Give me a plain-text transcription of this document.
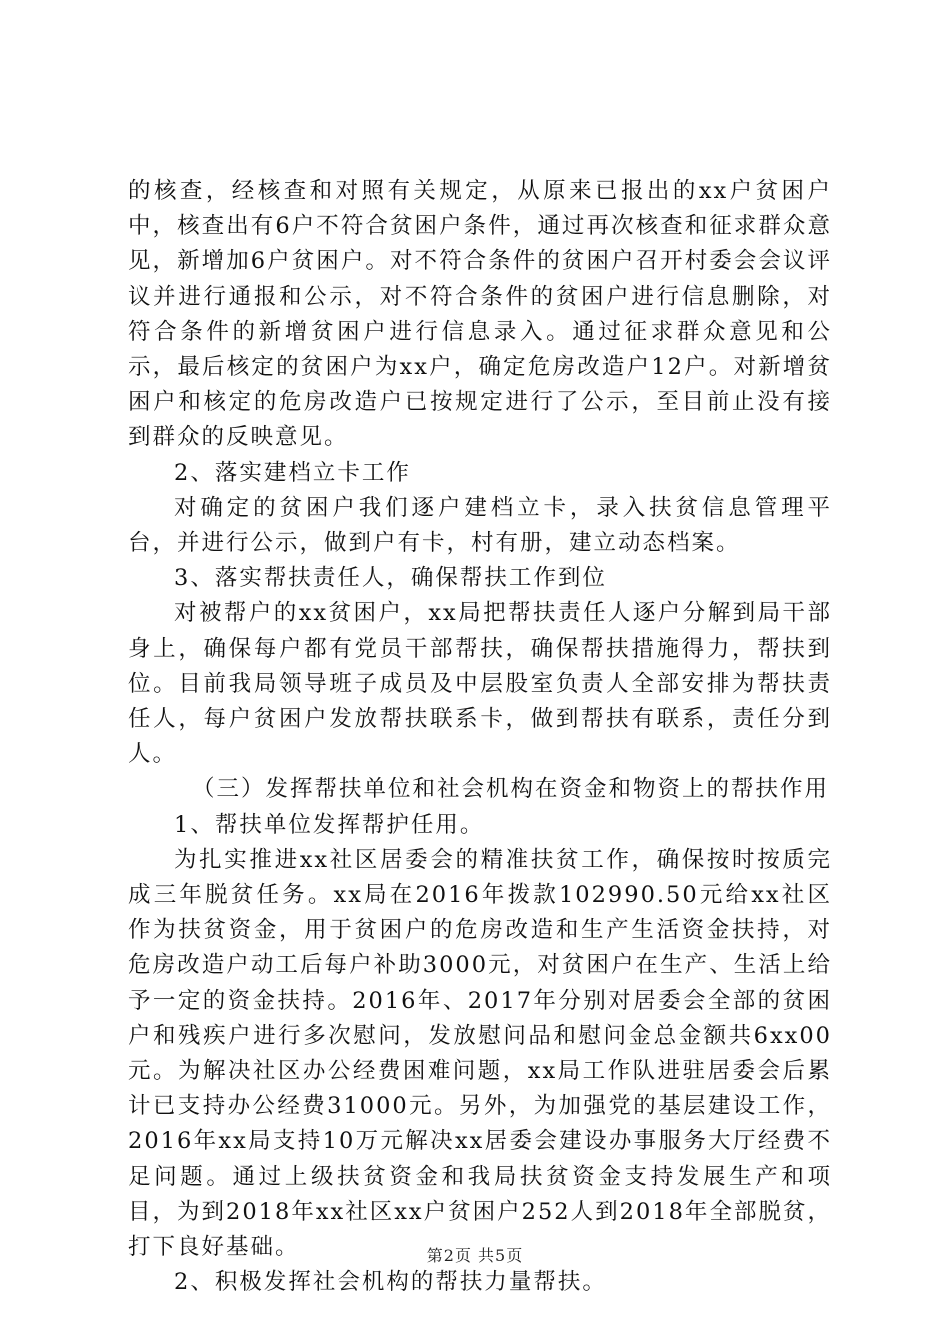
的核查，经核查和对照有关规定，从原来已报出的xx户贫困户中，核查出有6户不符合贫困户条件，通过再次核查和征求群众意见，新增加6户贫困户。对不符合条件的贫困户召开村委会会议评议并进行通报和公示，对不符合条件的贫困户进行信息删除，对符合条件的新增贫困户进行信息录入。通过征求群众意见和公示，最后核定的贫困户为xx户，确定危房改造户12户。对新增贫困户和核定的危房改造户已按规定进行了公示，至目前止没有接到群众的反映意见。

2、落实建档立卡工作

对确定的贫困户我们逐户建档立卡，录入扶贫信息管理平台，并进行公示，做到户有卡，村有册，建立动态档案。

3、落实帮扶责任人，确保帮扶工作到位

对被帮户的xx贫困户，xx局把帮扶责任人逐户分解到局干部身上，确保每户都有党员干部帮扶，确保帮扶措施得力，帮扶到位。目前我局领导班子成员及中层股室负责人全部安排为帮扶责任人，每户贫困户发放帮扶联系卡，做到帮扶有联系，责任分到人。

（三）发挥帮扶单位和社会机构在资金和物资上的帮扶作用

1、帮扶单位发挥帮护任用。

为扎实推进xx社区居委会的精准扶贫工作，确保按时按质完成三年脱贫任务。xx局在2016年拨款102990.50元给xx社区作为扶贫资金，用于贫困户的危房改造和生产生活资金扶持，对危房改造户动工后每户补助3000元，对贫困户在生产、生活上给予一定的资金扶持。2016年、2017年分别对居委会全部的贫困户和残疾户进行多次慰问，发放慰问品和慰问金总金额共6xx00元。为解决社区办公经费困难问题，xx局工作队进驻居委会后累计已支持办公经费31000元。另外，为加强党的基层建设工作，2016年xx局支持10万元解决xx居委会建设办事服务大厅经费不足问题。通过上级扶贫资金和我局扶贫资金支持发展生产和项目，为到2018年xx社区xx户贫困户252人到2018年全部脱贫，打下良好基础。

2、积极发挥社会机构的帮扶力量帮扶。

第2页 共5页
